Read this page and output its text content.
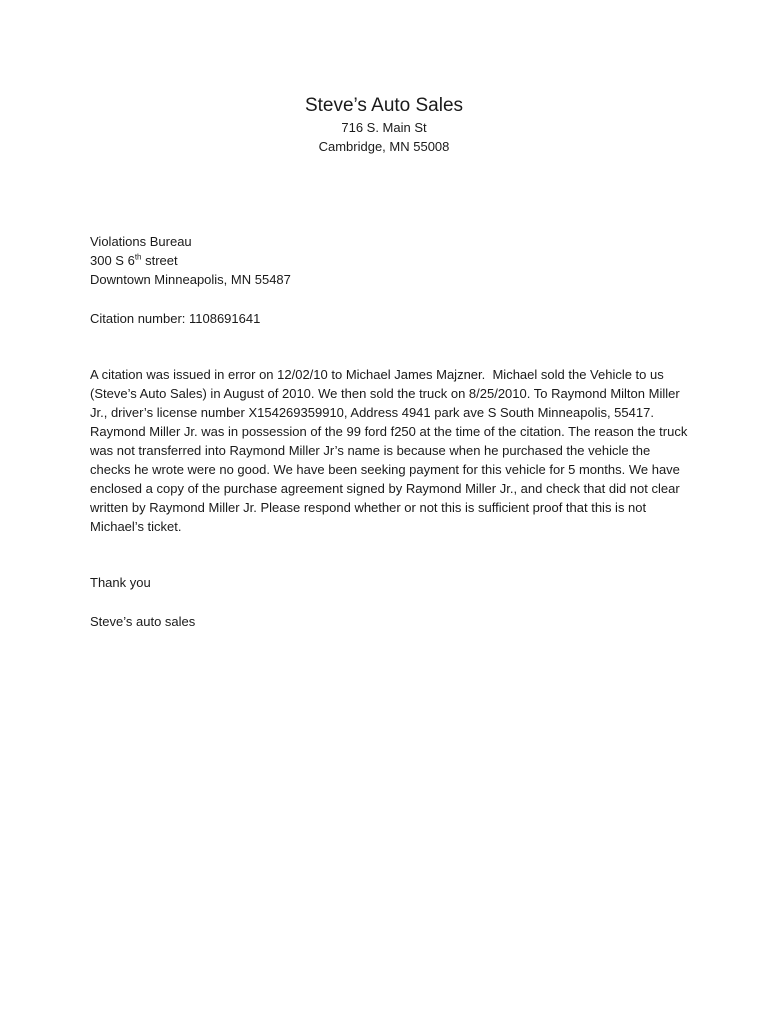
Steve’s Auto Sales
716 S. Main St
Cambridge, MN 55008
Violations Bureau
300 S 6th street
Downtown Minneapolis, MN 55487
Citation number: 1108691641

A citation was issued in error on 12/02/10 to Michael James Majzner.  Michael sold the Vehicle to us (Steve’s Auto Sales) in August of 2010. We then sold the truck on 8/25/2010. To Raymond Milton Miller Jr., driver’s license number X154269359910, Address 4941 park ave S South Minneapolis, 55417. Raymond Miller Jr. was in possession of the 99 ford f250 at the time of the citation. The reason the truck was not transferred into Raymond Miller Jr’s name is because when he purchased the vehicle the checks he wrote were no good. We have been seeking payment for this vehicle for 5 months. We have enclosed a copy of the purchase agreement signed by Raymond Miller Jr., and check that did not clear written by Raymond Miller Jr. Please respond whether or not this is sufficient proof that this is not Michael’s ticket.

Thank you
Steve’s auto sales
